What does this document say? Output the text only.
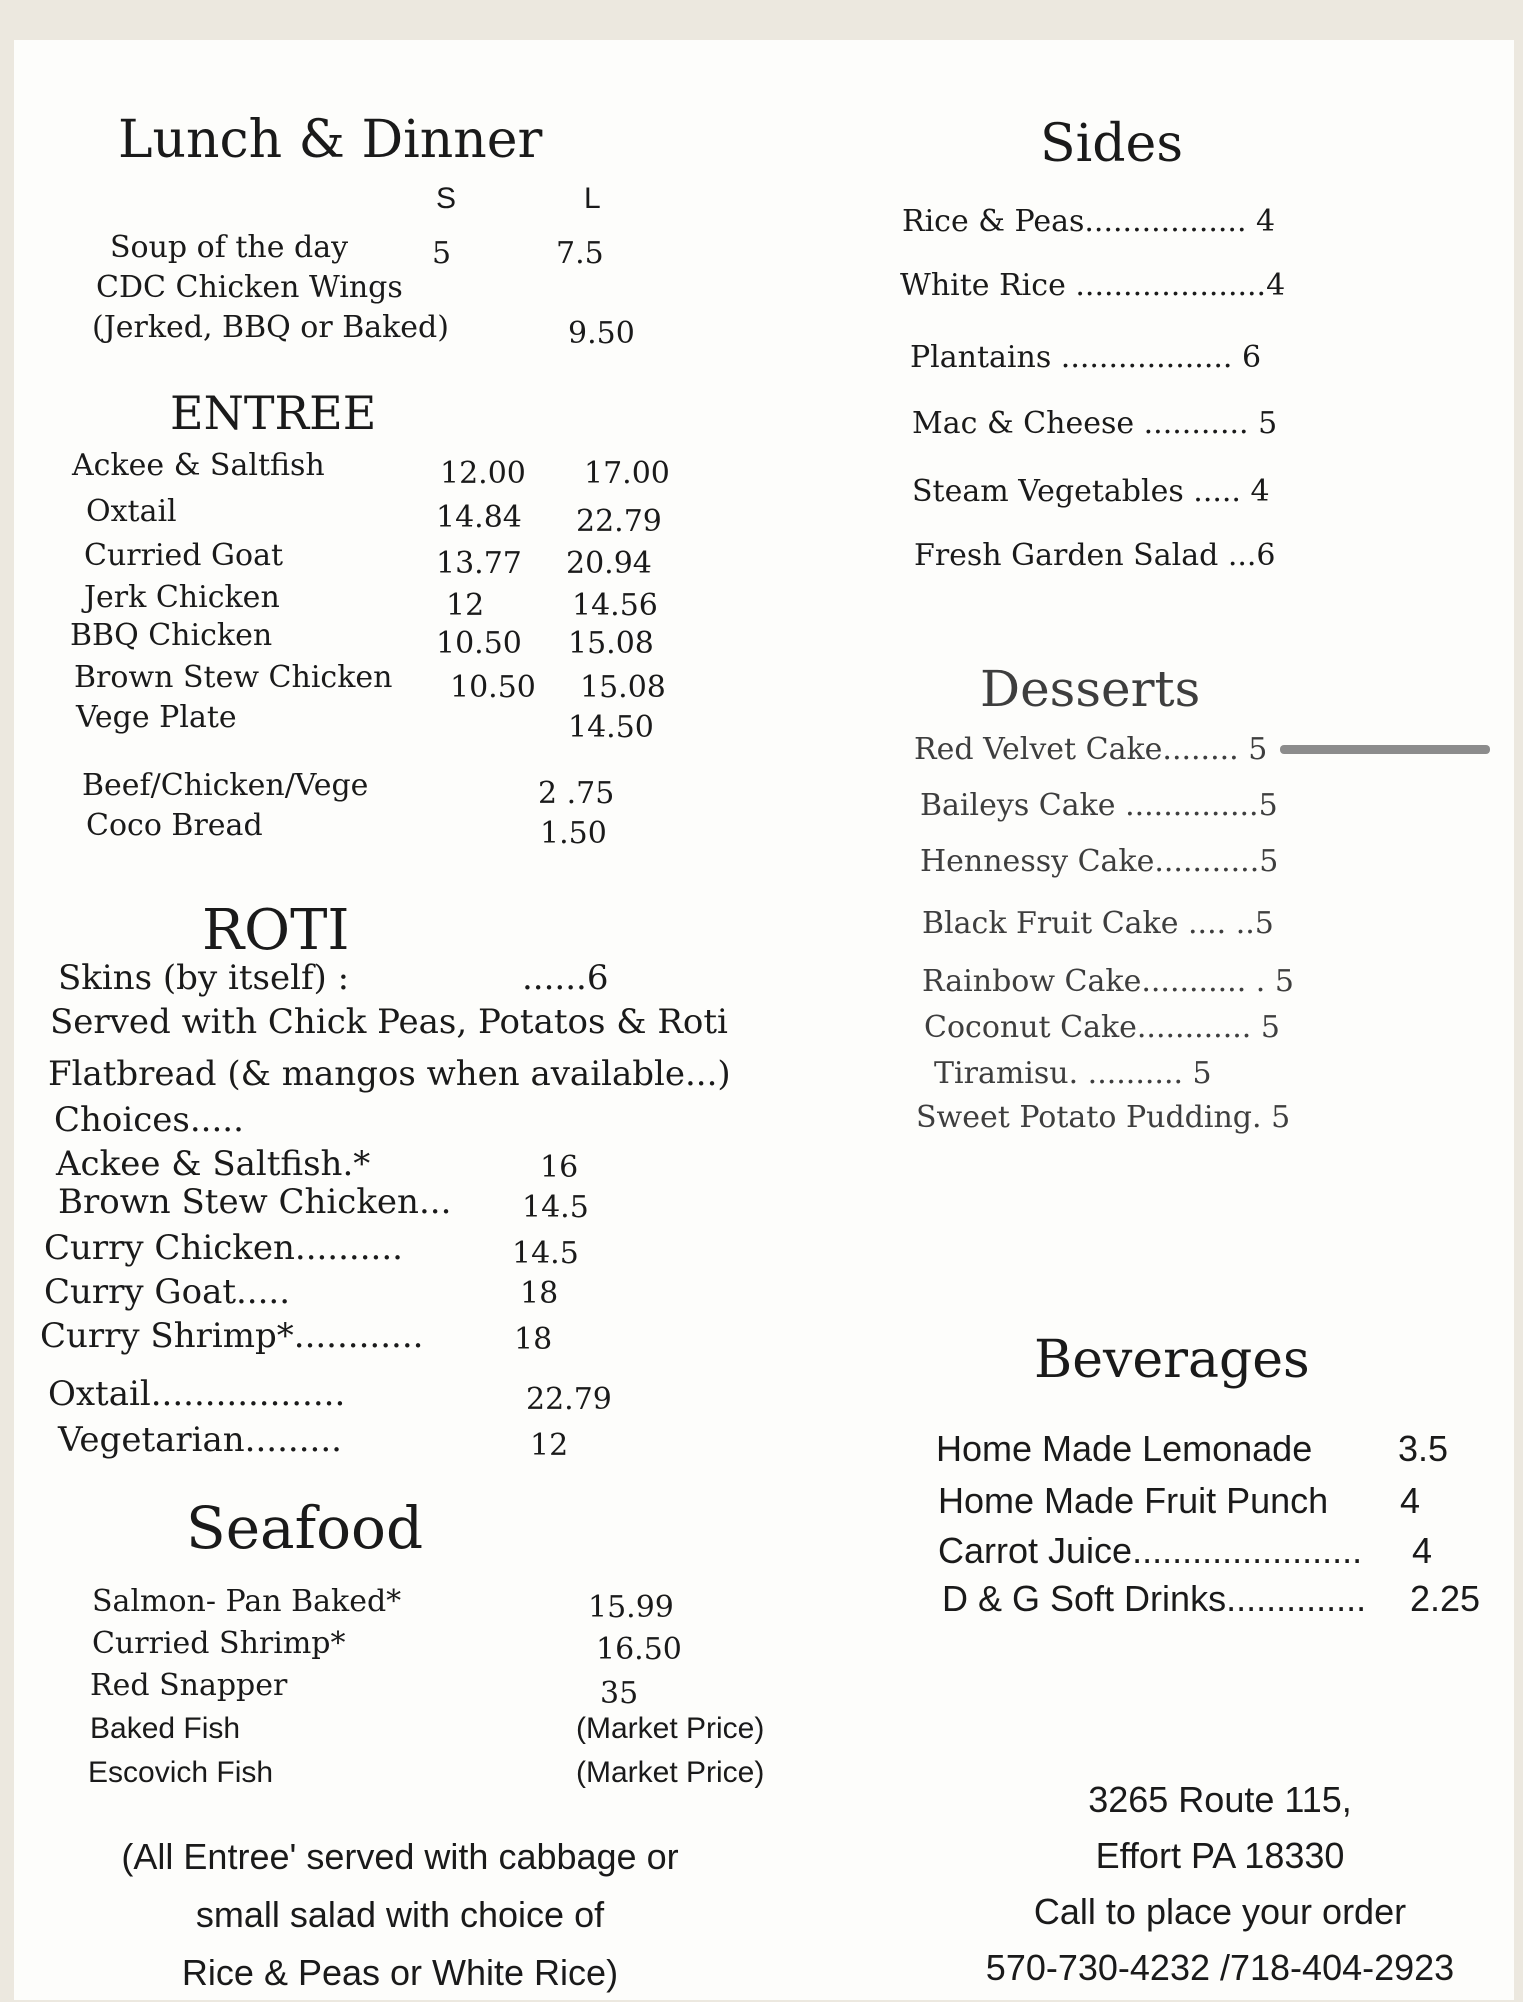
Lunch & Dinner
S	L
Soup of the day	5	7.5
CDC Chicken Wings
(Jerked, BBQ or Baked)	9.50
ENTREE
Ackee & Saltfish	12.00 17.00
Oxtail	14.84 22.79
Curried Goat	13.77 20.94
Jerk Chicken	12	14.56
BBQ Chicken	10.50 15.08
Brown Stew Chicken 10.50 15.08
Vege Plate	14.50
Beef/Chicken/Vege	2 .75
Coco Bread	1.50
ROTI
Skins (by itself) :	......6
Served with Chick Peas, Potatos & Roti
Flatbread (& mangos when available...)
Choices.....
Ackee & Saltfish.*	16
Brown Stew Chicken... 14.5
Curry Chicken..........	14.5
Curry Goat.....	18
Curry Shrimp*............	18
Oxtail..................	22.79
Vegetarian.........	12
Seafood
Salmon- Pan Baked*	15.99
Curried Shrimp*	16.50
Red Snapper	35
Baked Fish	(Market Price)
Escovich Fish	(Market Price)
(All Entree' served with cabbage or
small salad with choice of
Rice & Peas or White Rice)
Sides
Rice & Peas................. 4
White Rice ....................4
Plantains .................. 6
Mac & Cheese ........... 5
Steam Vegetables ..... 4
Fresh Garden Salad ...6
Desserts
Red Velvet Cake........ 5
Baileys Cake ..............5
Hennessy Cake...........5
Black Fruit Cake .... ..5
Rainbow Cake........... . 5
Coconut Cake............ 5
Tiramisu. .......... 5
Sweet Potato Pudding. 5
Beverages
Home Made Lemonade 3.5
Home Made Fruit Punch 4
Carrot Juice....................... 4
D & G Soft Drinks.............. 2.25
3265 Route 115,
Effort PA 18330
Call to place your order
570-730-4232 /718-404-2923
